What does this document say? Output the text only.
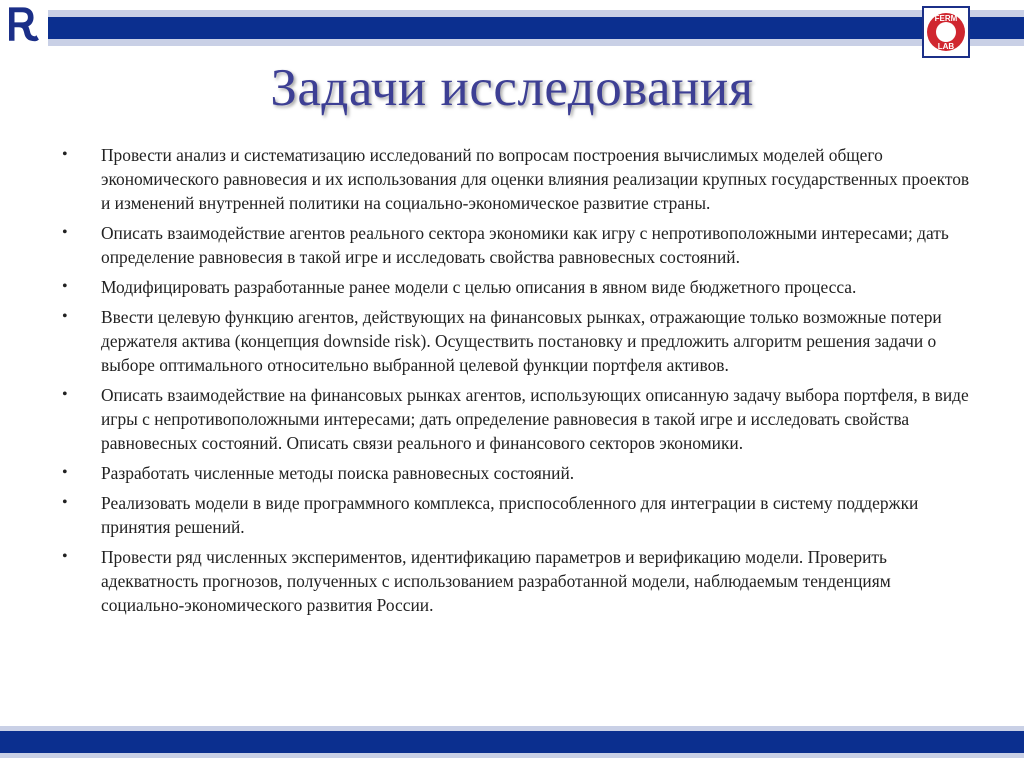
Ꭱ	FERM
LAB
Задачи исследования
•	Провести анализ и систематизацию исследований по вопросам построения вычислимых моделей общего экономического равновесия и их использования для оценки влияния реализации крупных государственных проектов и изменений внутренней политики на социально-экономическое развитие страны.
•	Описать взаимодействие агентов реального сектора экономики как игру с непротивоположными интересами; дать определение равновесия в такой игре и исследовать свойства равновесных состояний.
•	Модифицировать разработанные ранее модели с целью описания в явном виде бюджетного процесса.
•	Ввести целевую функцию агентов, действующих на финансовых рынках, отражающие только возможные потери держателя актива (концепция downside risk). Осуществить постановку и предложить алгоритм решения задачи о выборе оптимального относительно выбранной целевой функции портфеля активов.
•	Описать взаимодействие на финансовых рынках агентов, использующих описанную задачу выбора портфеля, в виде игры с непротивоположными интересами; дать определение равновесия в такой игре и исследовать свойства равновесных состояний. Описать связи реального и финансового секторов экономики.
•	Разработать численные методы поиска равновесных состояний.
•	Реализовать модели в виде программного комплекса, приспособленного для интеграции в систему поддержки принятия решений.
•	Провести ряд численных экспериментов, идентификацию параметров и верификацию модели. Проверить адекватность прогнозов, полученных с использованием разработанной модели, наблюдаемым тенденциям социально-экономического развития России.
